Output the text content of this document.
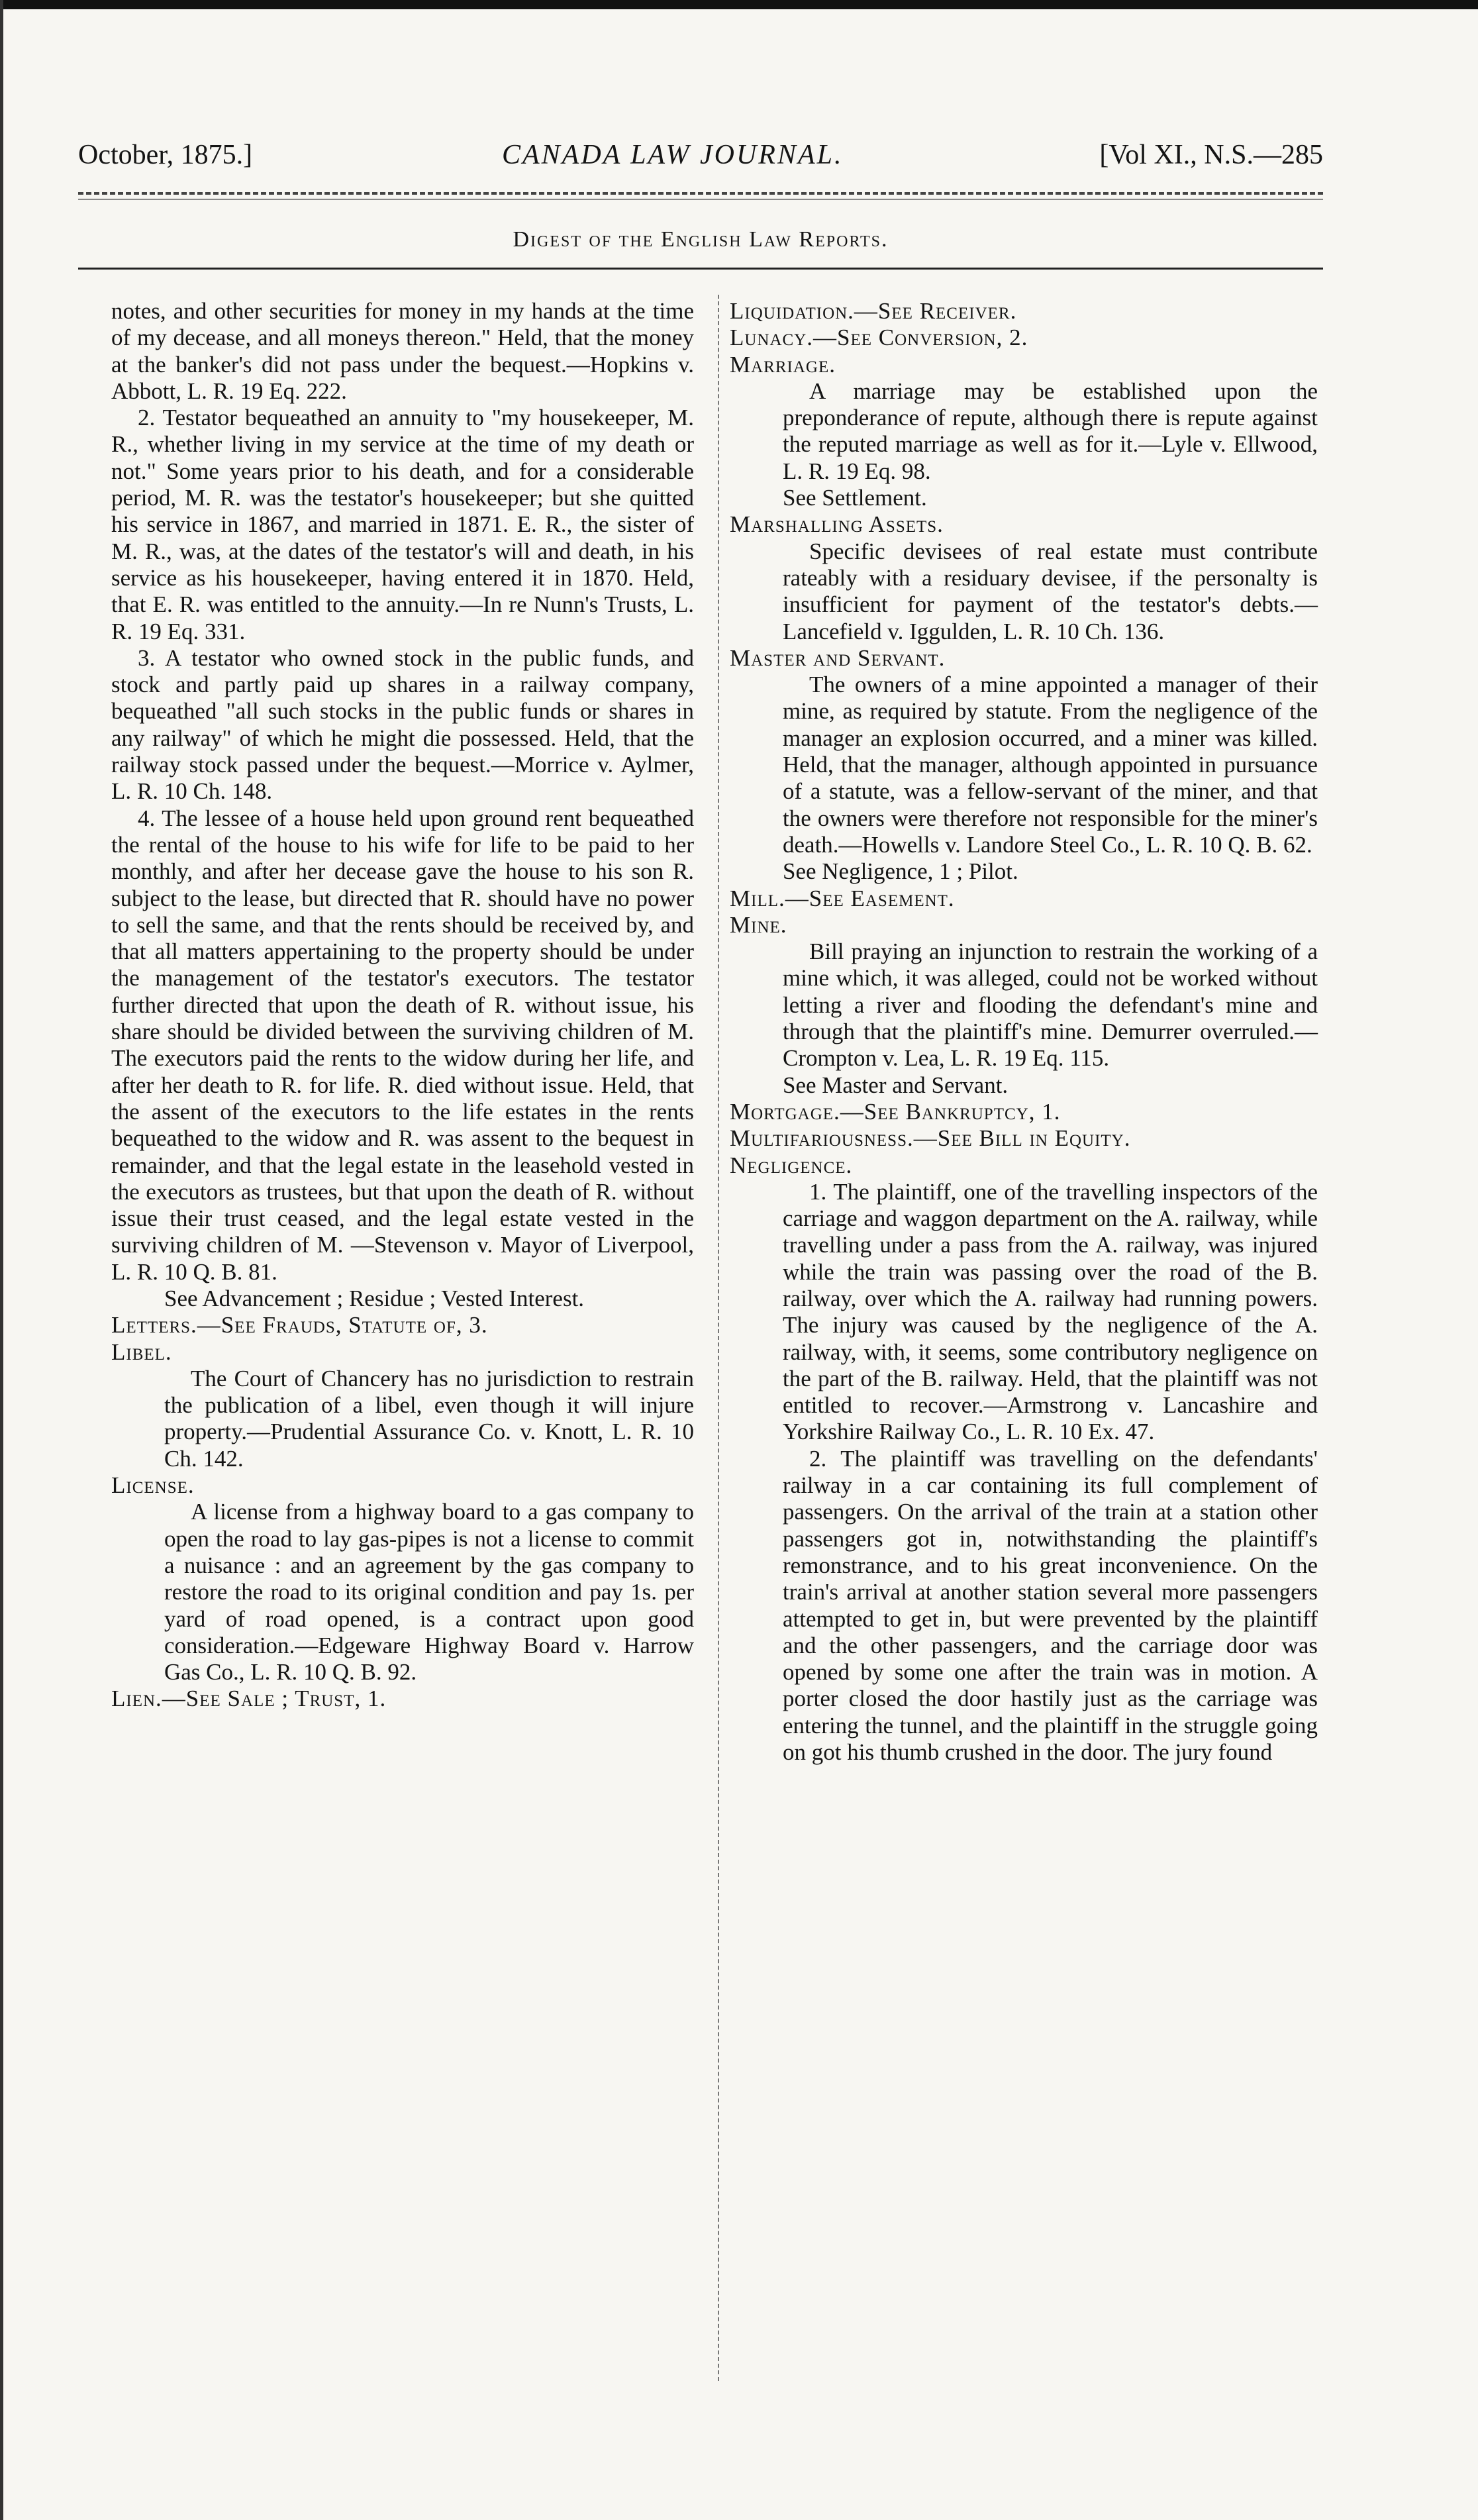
October, 1875.]	CANADA LAW JOURNAL.	[Vol XI., N.S.—285
Digest of the English Law Reports.

notes, and other securities for money in my hands at the time of my decease, and all moneys thereon." Held, that the money at the banker's did not pass under the bequest.—Hopkins v. Abbott, L. R. 19 Eq. 222.

2. Testator bequeathed an annuity to "my housekeeper, M. R., whether living in my service at the time of my death or not." Some years prior to his death, and for a considerable period, M. R. was the testator's housekeeper; but she quitted his service in 1867, and married in 1871. E. R., the sister of M. R., was, at the dates of the testator's will and death, in his service as his housekeeper, having entered it in 1870. Held, that E. R. was entitled to the annuity.—In re Nunn's Trusts, L. R. 19 Eq. 331.

3. A testator who owned stock in the public funds, and stock and partly paid up shares in a railway company, bequeathed "all such stocks in the public funds or shares in any railway" of which he might die possessed. Held, that the railway stock passed under the bequest.—Morrice v. Aylmer, L. R. 10 Ch. 148.

4. The lessee of a house held upon ground rent bequeathed the rental of the house to his wife for life to be paid to her monthly, and after her decease gave the house to his son R. subject to the lease, but directed that R. should have no power to sell the same, and that the rents should be received by, and that all matters appertaining to the property should be under the management of the testator's executors. The testator further directed that upon the death of R. without issue, his share should be divided between the surviving children of M. The executors paid the rents to the widow during her life, and after her death to R. for life. R. died without issue. Held, that the assent of the executors to the life estates in the rents bequeathed to the widow and R. was assent to the bequest in remainder, and that the legal estate in the leasehold vested in the executors as trustees, but that upon the death of R. without issue their trust ceased, and the legal estate vested in the surviving children of M. —Stevenson v. Mayor of Liverpool, L. R. 10 Q. B. 81.

See Advancement ; Residue ; Vested Interest.

Letters.—See Frauds, Statute of, 3.

Libel.

The Court of Chancery has no jurisdiction to restrain the publication of a libel, even though it will injure property.—Prudential Assurance Co. v. Knott, L. R. 10 Ch. 142.

License.

A license from a highway board to a gas company to open the road to lay gas-pipes is not a license to commit a nuisance : and an agreement by the gas company to restore the road to its original condition and pay 1s. per yard of road opened, is a contract upon good consideration.—Edgeware Highway Board v. Harrow Gas Co., L. R. 10 Q. B. 92.

Lien.—See Sale ; Trust, 1.

Liquidation.—See Receiver.

Lunacy.—See Conversion, 2.

Marriage.

A marriage may be established upon the preponderance of repute, although there is repute against the reputed marriage as well as for it.—Lyle v. Ellwood, L. R. 19 Eq. 98.

See Settlement.

Marshalling Assets.

Specific devisees of real estate must contribute rateably with a residuary devisee, if the personalty is insufficient for payment of the testator's debts.—Lancefield v. Iggulden, L. R. 10 Ch. 136.

Master and Servant.

The owners of a mine appointed a manager of their mine, as required by statute. From the negligence of the manager an explosion occurred, and a miner was killed. Held, that the manager, although appointed in pursuance of a statute, was a fellow-servant of the miner, and that the owners were therefore not responsible for the miner's death.—Howells v. Landore Steel Co., L. R. 10 Q. B. 62.

See Negligence, 1 ; Pilot.

Mill.—See Easement.

Mine.

Bill praying an injunction to restrain the working of a mine which, it was alleged, could not be worked without letting a river and flooding the defendant's mine and through that the plaintiff's mine. Demurrer overruled.—Crompton v. Lea, L. R. 19 Eq. 115.

See Master and Servant.

Mortgage.—See Bankruptcy, 1.

Multifariousness.—See Bill in Equity.

Negligence.

1. The plaintiff, one of the travelling inspectors of the carriage and waggon department on the A. railway, while travelling under a pass from the A. railway, was injured while the train was passing over the road of the B. railway, over which the A. railway had running powers. The injury was caused by the negligence of the A. railway, with, it seems, some contributory negligence on the part of the B. railway. Held, that the plaintiff was not entitled to recover.—Armstrong v. Lancashire and Yorkshire Railway Co., L. R. 10 Ex. 47.

2. The plaintiff was travelling on the defendants' railway in a car containing its full complement of passengers. On the arrival of the train at a station other passengers got in, notwithstanding the plaintiff's remonstrance, and to his great inconvenience. On the train's arrival at another station several more passengers attempted to get in, but were prevented by the plaintiff and the other passengers, and the carriage door was opened by some one after the train was in motion. A porter closed the door hastily just as the carriage was entering the tunnel, and the plaintiff in the struggle going on got his thumb crushed in the door. The jury found
